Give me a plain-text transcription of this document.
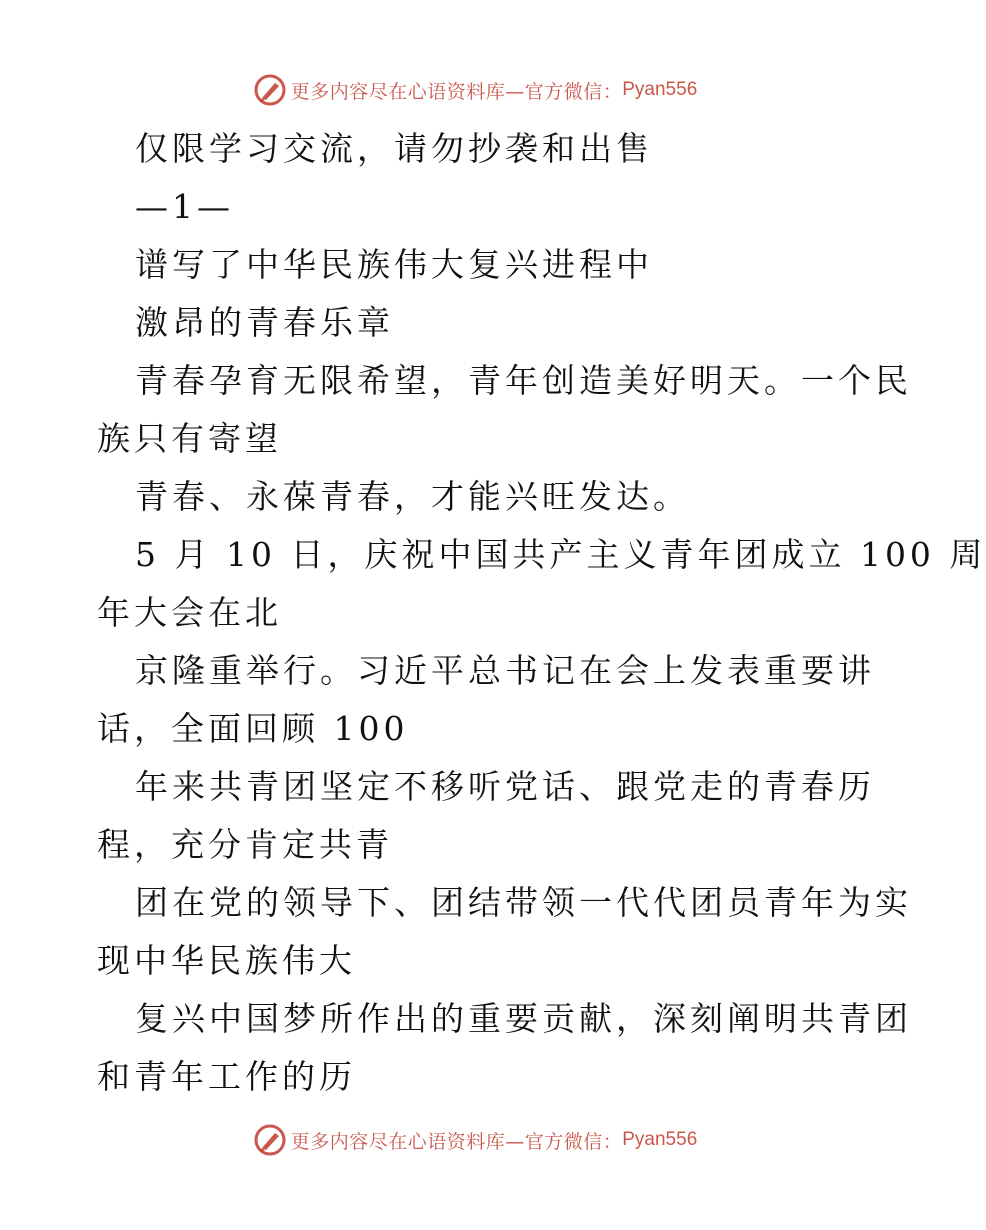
更多内容尽在心语资料库—官方微信： Pyan556
仅限学习交流，请勿抄袭和出售
—1—
谱写了中华民族伟大复兴进程中
激昂的青春乐章
青春孕育无限希望，青年创造美好明天。一个民
族只有寄望
青春、永葆青春，才能兴旺发达。
5 月 10 日，庆祝中国共产主义青年团成立 100 周
年大会在北
京隆重举行。习近平总书记在会上发表重要讲
话，全面回顾 100
年来共青团坚定不移听党话、跟党走的青春历
程，充分肯定共青
团在党的领导下、团结带领一代代团员青年为实
现中华民族伟大
复兴中国梦所作出的重要贡献，深刻阐明共青团
和青年工作的历
更多内容尽在心语资料库—官方微信： Pyan556
